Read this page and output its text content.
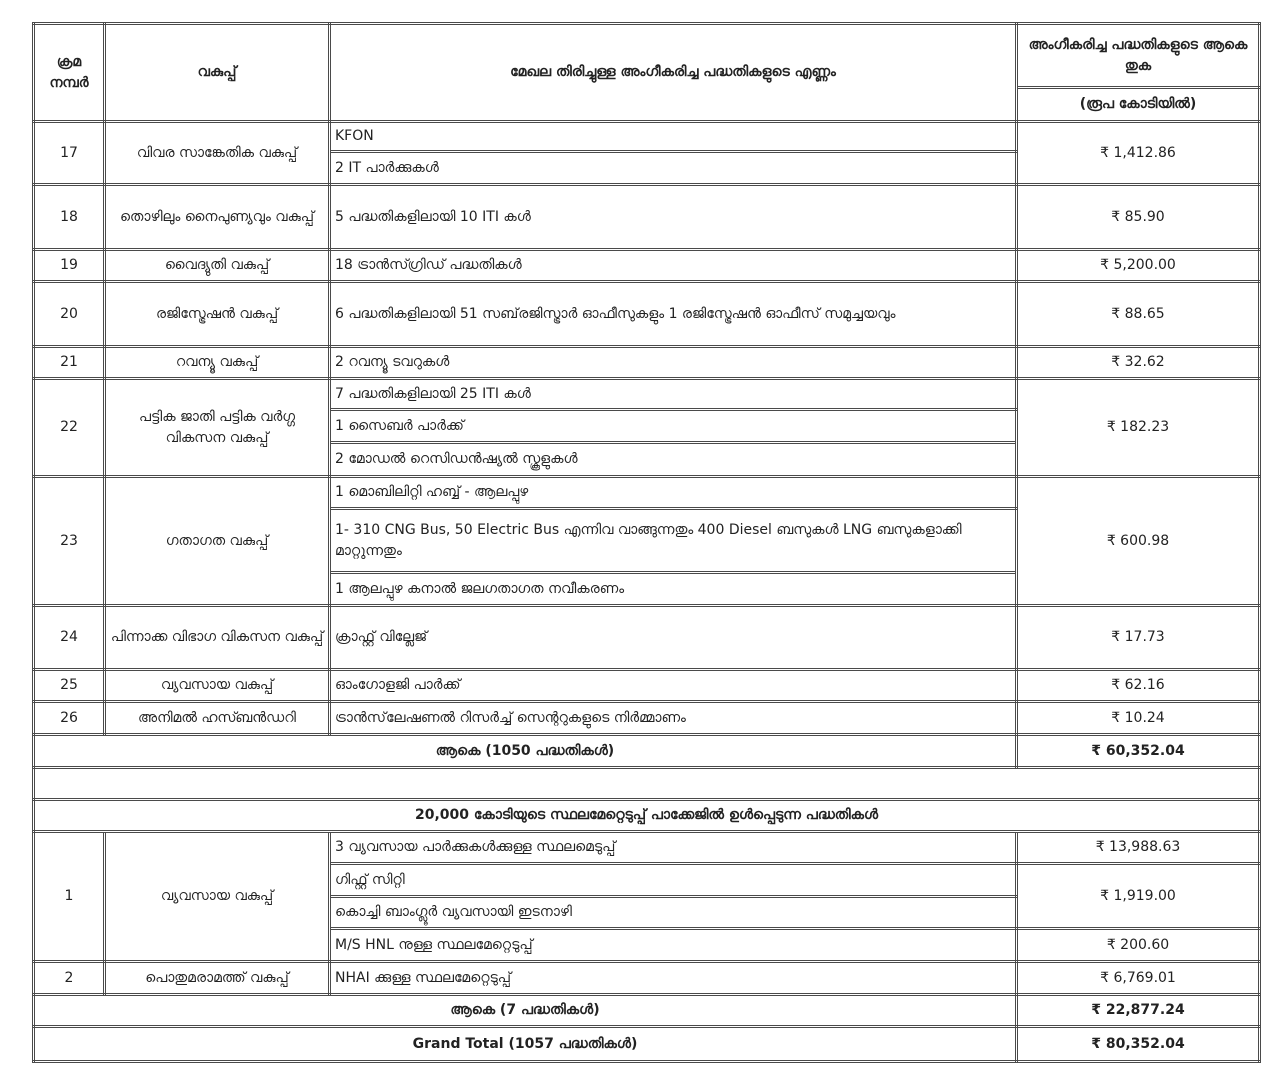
ക്രമ നമ്പർ	വകുപ്പ്	മേഖല തിരിച്ചുള്ള അംഗീകരിച്ച പദ്ധതികളുടെ എണ്ണം	അംഗീകരിച്ച പദ്ധതികളുടെ ആകെ തുക
			(രൂപ കോടിയിൽ)
17	വിവര സാങ്കേതിക വകുപ്പ്	KFON	₹ 1,412.86
		2 IT പാർക്കുകൾ	
18	തൊഴിലും നൈപുണ്യവും വകുപ്പ്	5 പദ്ധതികളിലായി 10 ITI കൾ	₹ 85.90
19	വൈദ്യുതി വകുപ്പ്	18 ട്രാൻസ്ഗ്രിഡ് പദ്ധതികൾ	₹ 5,200.00
20	രജിസ്ട്രേഷൻ വകുപ്പ്	6 പദ്ധതികളിലായി 51 സബ്‌രജിസ്ട്രാർ ഓഫീസുകളും 1 രജിസ്ട്രേഷൻ ഓഫീസ് സമുച്ചയവും	₹ 88.65
21	റവന്യൂ വകുപ്പ്	2 റവന്യൂ ടവറുകൾ	₹ 32.62
22	പട്ടിക ജാതി പട്ടിക വർഗ്ഗ വികസന വകുപ്പ്	7 പദ്ധതികളിലായി 25 ITI കൾ	₹ 182.23
		1 സൈബർ പാർക്ക്	
		2 മോഡൽ റെസിഡൻഷ്യൽ സ്കൂളുകൾ	
23	ഗതാഗത വകുപ്പ്	1 മൊബിലിറ്റി ഹബ്ബ് - ആലപ്പുഴ	₹ 600.98
		1- 310 CNG Bus, 50 Electric Bus എന്നിവ വാങ്ങുന്നതും 400 Diesel ബസുകൾ LNG ബസുകളാക്കി മാറ്റുന്നതും	
		1 ആലപ്പുഴ കനാൽ ജലഗതാഗത നവീകരണം	
24	പിന്നാക്ക വിഭാഗ വികസന വകുപ്പ്	ക്രാഫ്റ്റ് വില്ലേജ്	₹ 17.73
25	വ്യവസായ വകുപ്പ്	ഓംഗോളജി പാർക്ക്	₹ 62.16
26	അനിമൽ ഹസ്ബൻഡറി	ട്രാൻസ്‌ലേഷണൽ റിസർച്ച് സെന്ററുകളുടെ നിർമ്മാണം	₹ 10.24
ആകെ (1050 പദ്ധതികൾ)			₹ 60,352.04

20,000 കോടിയുടെ സ്ഥലമേറ്റെടുപ്പ് പാക്കേജിൽ ഉൾപ്പെടുന്ന പദ്ധതികൾ			
1	വ്യവസായ വകുപ്പ്	3 വ്യവസായ പാർക്കുകൾക്കുള്ള സ്ഥലമെടുപ്പ്	₹ 13,988.63
		ഗിഫ്റ്റ് സിറ്റി	₹ 1,919.00
		കൊച്ചി ബാംഗ്ലൂർ വ്യവസായി ഇടനാഴി	
		M/S HNL നുള്ള സ്ഥലമേറ്റെടുപ്പ്	₹ 200.60
2	പൊതുമരാമത്ത് വകുപ്പ്	NHAI ക്കുള്ള സ്ഥലമേറ്റെടുപ്പ്	₹ 6,769.01
ആകെ (7 പദ്ധതികൾ)			₹ 22,877.24
Grand Total (1057 പദ്ധതികൾ)			₹ 80,352.04
